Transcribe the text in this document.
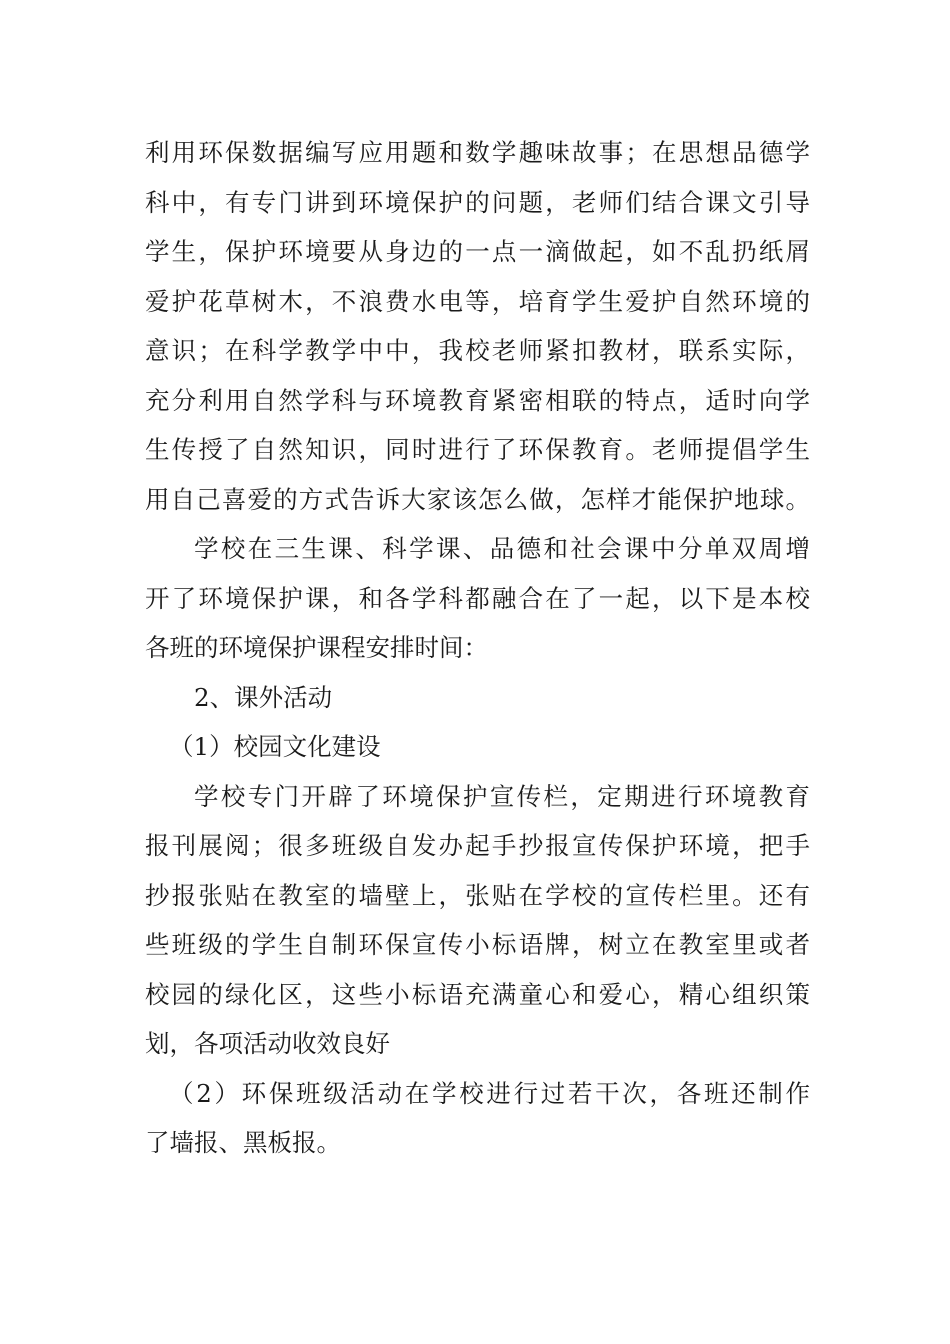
利用环保数据编写应用题和数学趣味故事；在思想品德学
科中，有专门讲到环境保护的问题，老师们结合课文引导
学生，保护环境要从身边的一点一滴做起，如不乱扔纸屑
爱护花草树木，不浪费水电等，培育学生爱护自然环境的
意识；在科学教学中中，我校老师紧扣教材，联系实际，
充分利用自然学科与环境教育紧密相联的特点，适时向学
生传授了自然知识，同时进行了环保教育。老师提倡学生
用自己喜爱的方式告诉大家该怎么做，怎样才能保护地球。
学校在三生课、科学课、品德和社会课中分单双周增
开了环境保护课，和各学科都融合在了一起，以下是本校
各班的环境保护课程安排时间：
2、课外活动
（1）校园文化建设
学校专门开辟了环境保护宣传栏，定期进行环境教育
报刊展阅；很多班级自发办起手抄报宣传保护环境，把手
抄报张贴在教室的墙壁上，张贴在学校的宣传栏里。还有
些班级的学生自制环保宣传小标语牌，树立在教室里或者
校园的绿化区，这些小标语充满童心和爱心，精心组织策
划，各项活动收效良好
（2）环保班级活动在学校进行过若干次，各班还制作
了墙报、黑板报。
